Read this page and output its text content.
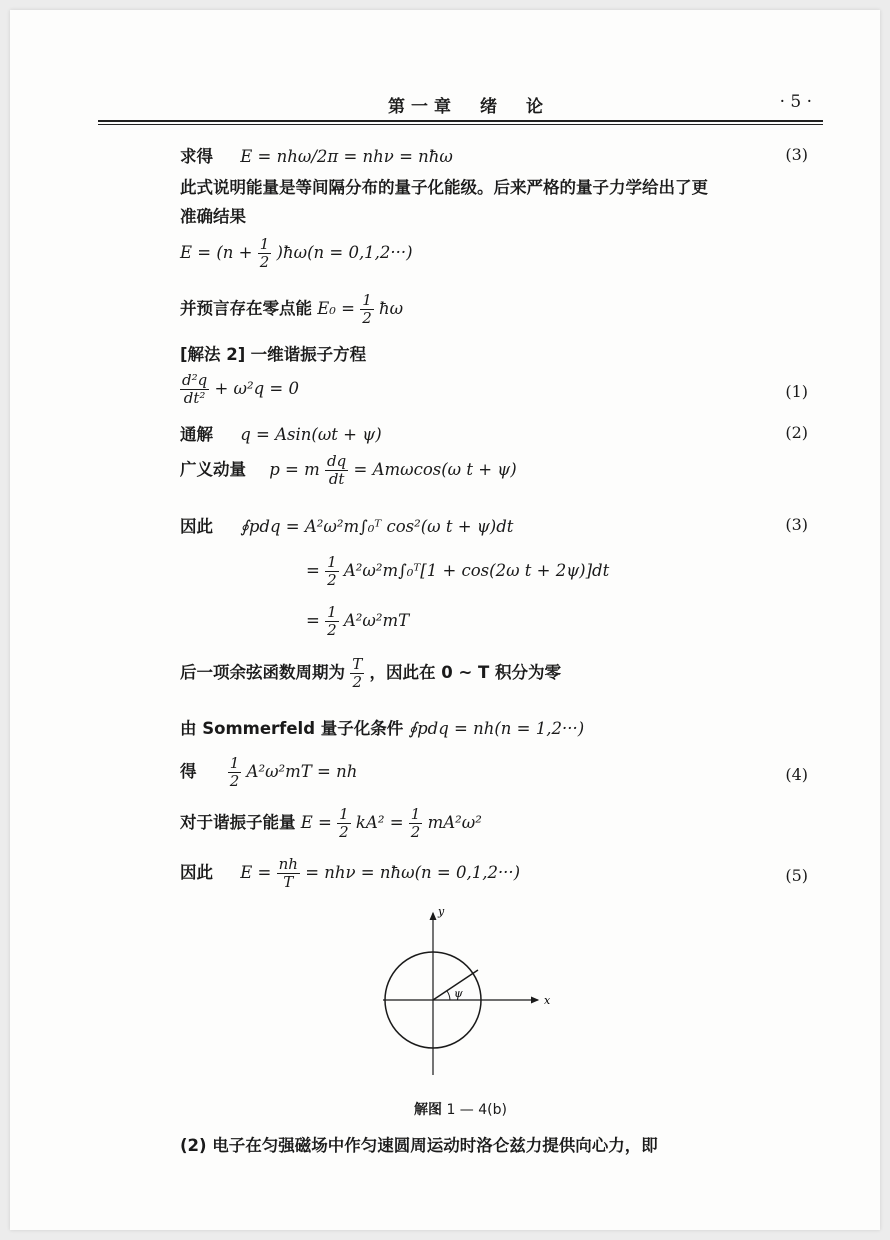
第一章　绪　论	· 5 ·
求得 E = nhω/2π = nhν = nħω	(3)
此式说明能量是等间隔分布的量子化能级。后来严格的量子力学给出了更
准确结果
$E = (n + \frac{1}{2}$ )ħω(n = 0,1,2···)
并预言存在零点能 $E_0 = \frac{1}{2}$ ħω
[解法 2] 一维谐振子方程
$\frac{\text{d²q}}{\text{dt²}} + \omega^2q = 0$	(1)
通解 q = Asin(ωt + ψ)	(2)
广义动量 p = m $\frac{dq}{dt} = Am\omega\cos(\omega$ t + ψ)
因此 ∮pdq = A²ω²m∫₀ᵀ cos²(ω t + ψ)dt	(3)
= $\frac{1}{2}$ A²ω²m∫₀ᵀ[1 + cos(2ω t + 2ψ)]dt
= $\frac{1}{2} A^2\omega^2mT$
后一项余弦函数周期为 $\frac{T}{2}$ ，因此在 0 ~ T 积分为零
由 Sommerfeld 量子化条件 ∮pdq = nh(n = 1,2···)
得 $\frac{1}{2} A^2\omega^2mT$ = nh	(4)
对于谐振子能量 $E = \frac{1}{2} kA^2 = \frac{1}{2} mA^2\omega^2$
因此 $E = \frac{nh}{T} = nh\nu$ = nħω(n = 0,1,2···)	(5)
x
y
ψ
解图 1 — 4(b)
(2) 电子在匀强磁场中作匀速圆周运动时洛仑兹力提供向心力，即
